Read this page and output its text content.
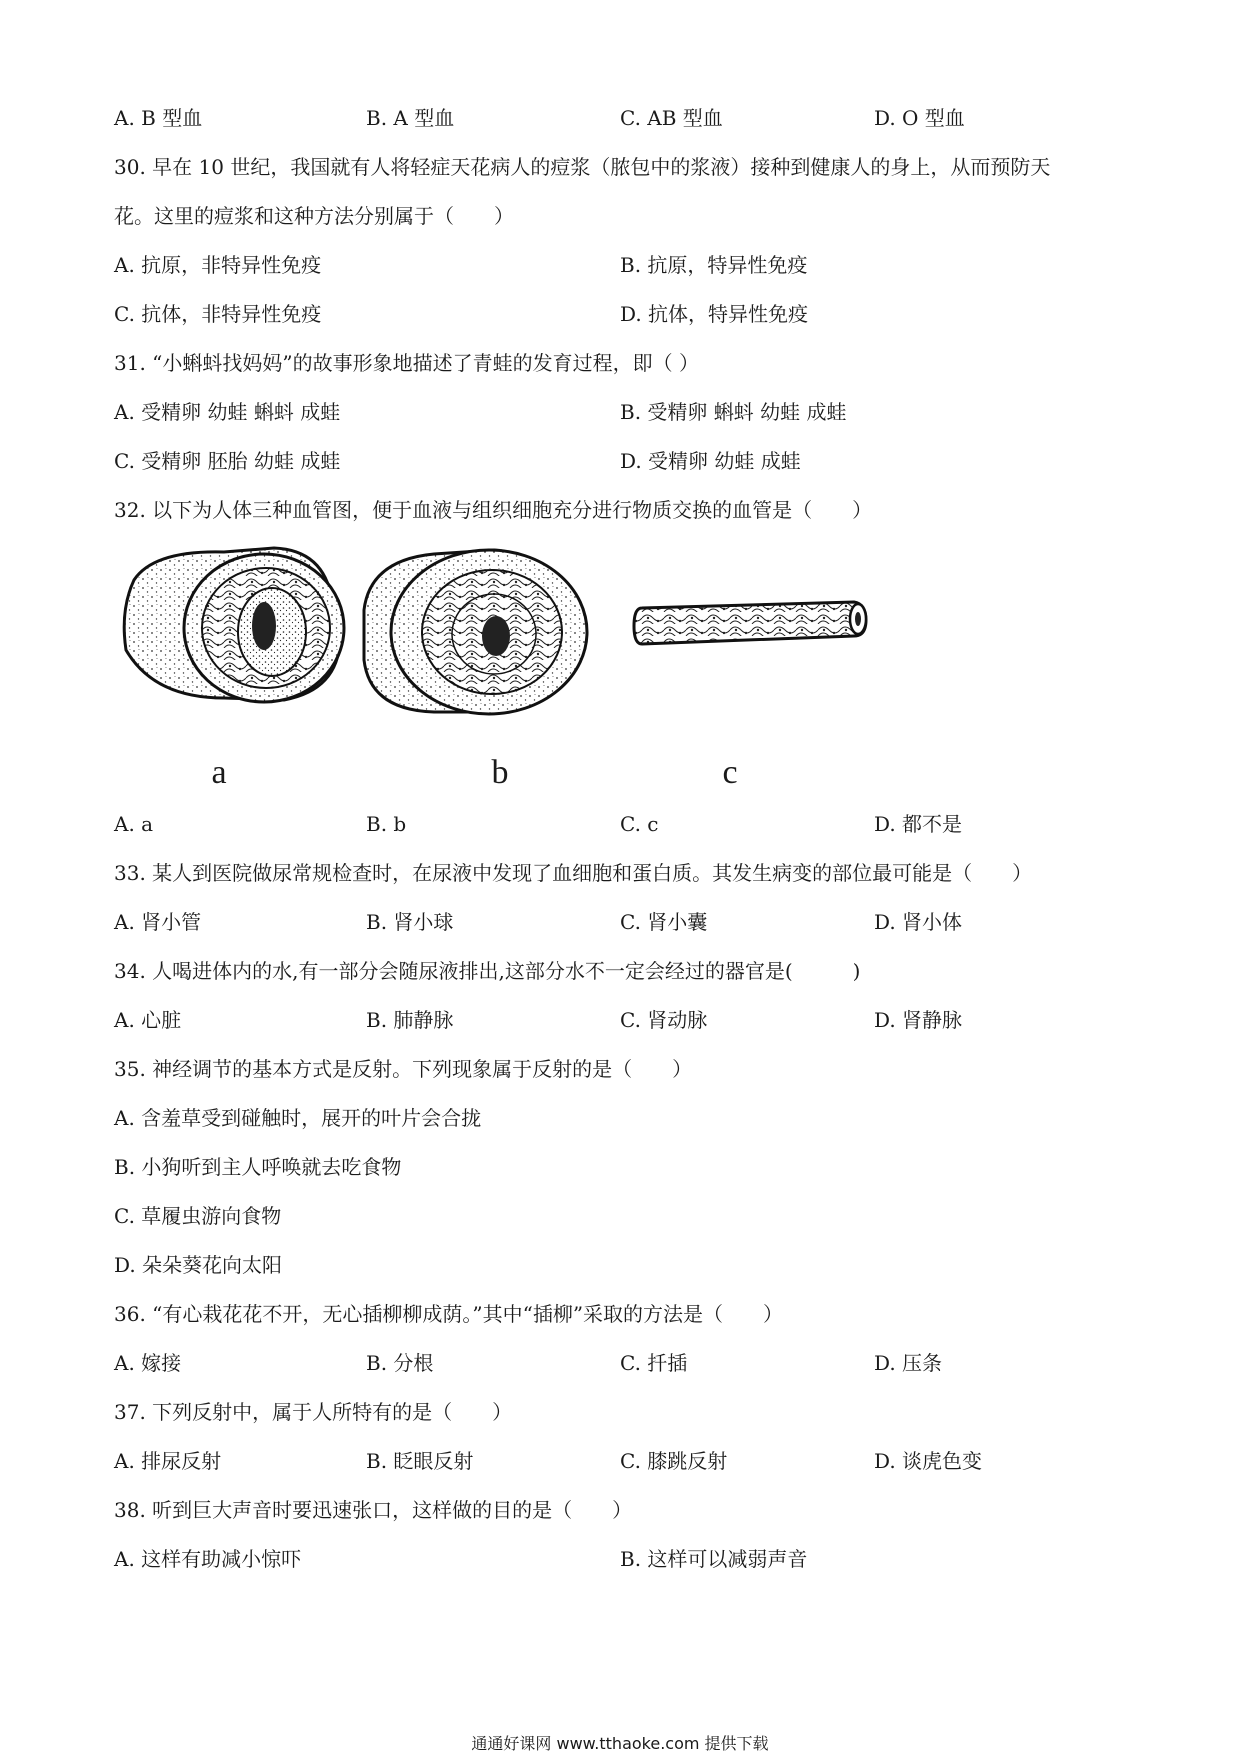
A. B 型血	B. A 型血	C. AB 型血	D. O 型血
30. 早在 10 世纪，我国就有人将轻症天花病人的痘浆（脓包中的浆液）接种到健康人的身上，从而预防天
花。这里的痘浆和这种方法分别属于（　　）
A. 抗原，非特异性免疫	B. 抗原，特异性免疫
C. 抗体，非特异性免疫	D. 抗体，特异性免疫
31. “小蝌蚪找妈妈”的故事形象地描述了青蛙的发育过程，即（ ）
A. 受精卵 幼蛙 蝌蚪 成蛙	B. 受精卵 蝌蚪 幼蛙 成蛙
C. 受精卵 胚胎 幼蛙 成蛙	D. 受精卵 幼蛙 成蛙
32. 以下为人体三种血管图，便于血液与组织细胞充分进行物质交换的血管是（　　）
a	b	c
A. a	B. b	C. c	D. 都不是
33. 某人到医院做尿常规检查时，在尿液中发现了血细胞和蛋白质。其发生病变的部位最可能是（　　）
A. 肾小管	B. 肾小球	C. 肾小囊	D. 肾小体
34. 人喝进体内的水,有一部分会随尿液排出,这部分水不一定会经过的器官是(　　　)
A. 心脏	B. 肺静脉	C. 肾动脉	D. 肾静脉
35. 神经调节的基本方式是反射。下列现象属于反射的是（　　）
A. 含羞草受到碰触时，展开的叶片会合拢
B. 小狗听到主人呼唤就去吃食物
C. 草履虫游向食物
D. 朵朵葵花向太阳
36. “有心栽花花不开，无心插柳柳成荫。”其中“插柳”采取的方法是（　　）
A. 嫁接	B. 分根	C. 扦插	D. 压条
37. 下列反射中，属于人所特有的是（　　）
A. 排尿反射	B. 眨眼反射	C. 膝跳反射	D. 谈虎色变
38. 听到巨大声音时要迅速张口，这样做的目的是（　　）
A. 这样有助减小惊吓	B. 这样可以减弱声音
通通好课网 www.tthaoke.com 提供下载
